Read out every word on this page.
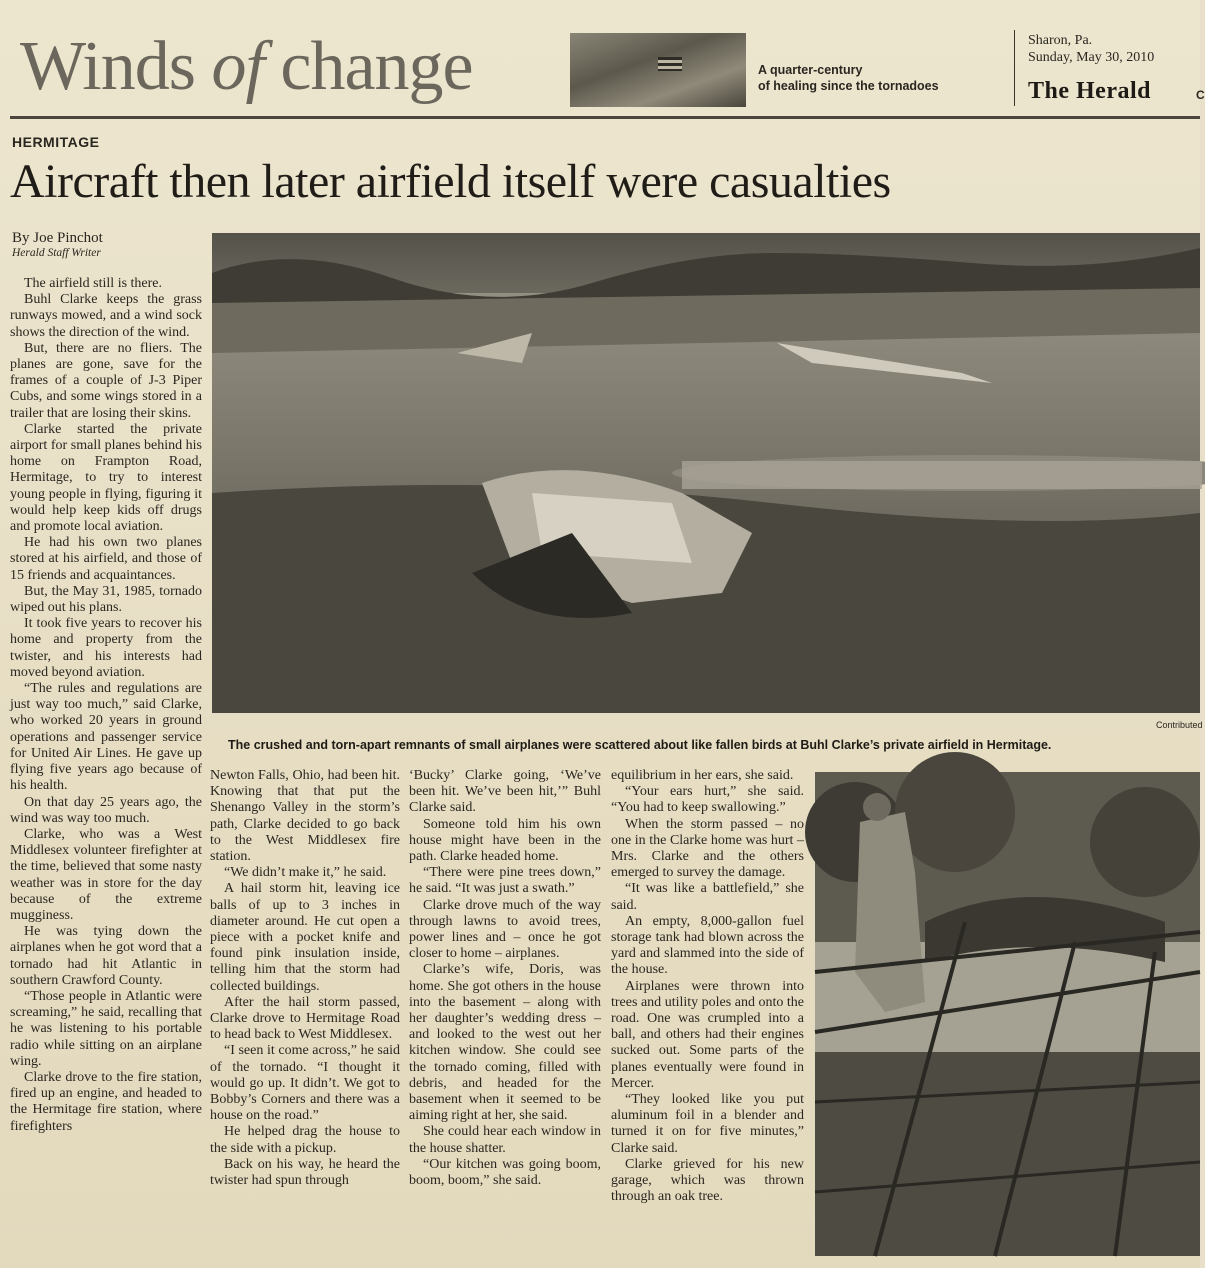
Winds of change	A quarter-century
of healing since the tornadoes
Sharon, Pa.
Sunday, May 30, 2010
The Herald	C
HERMITAGE
Aircraft then later airfield itself were casualties
By Joe Pinchot
Herald Staff Writer
Contributed
The crushed and torn-apart remnants of small airplanes were scattered about like fallen birds at Buhl Clarke’s private airfield in Hermitage.

The airfield still is there.

Buhl Clarke keeps the grass runways mowed, and a wind sock shows the direction of the wind.

But, there are no fliers. The planes are gone, save for the frames of a couple of J-3 Piper Cubs, and some wings stored in a trailer that are losing their skins.

Clarke started the private airport for small planes behind his home on Frampton Road, Hermitage, to try to interest young people in flying, figuring it would help keep kids off drugs and promote local aviation.

He had his own two planes stored at his airfield, and those of 15 friends and acquaintances.

But, the May 31, 1985, tornado wiped out his plans.

It took five years to recover his home and property from the twister, and his interests had moved beyond aviation.

“The rules and regulations are just way too much,” said Clarke, who worked 20 years in ground operations and passenger service for United Air Lines. He gave up flying five years ago because of his health.

On that day 25 years ago, the wind was way too much.

Clarke, who was a West Middlesex volunteer firefighter at the time, believed that some nasty weather was in store for the day because of the extreme mugginess.

He was tying down the airplanes when he got word that a tornado had hit Atlantic in southern Crawford County.

“Those people in Atlantic were screaming,” he said, recalling that he was listening to his portable radio while sitting on an airplane wing.

Clarke drove to the fire station, fired up an engine, and headed to the Hermitage fire station, where firefighters

Newton Falls, Ohio, had been hit. Knowing that that put the Shenango Valley in the storm’s path, Clarke decided to go back to the West Middlesex fire station.

“We didn’t make it,” he said.

A hail storm hit, leaving ice balls of up to 3 inches in diameter around. He cut open a piece with a pocket knife and found pink insulation inside, telling him that the storm had collected buildings.

After the hail storm passed, Clarke drove to Hermitage Road to head back to West Middlesex.

“I seen it come across,” he said of the tornado. “I thought it would go up. It didn’t. We got to Bobby’s Corners and there was a house on the road.”

He helped drag the house to the side with a pickup.

Back on his way, he heard the twister had spun through

‘Bucky’ Clarke going, ‘We’ve been hit. We’ve been hit,’” Buhl Clarke said.

Someone told him his own house might have been in the path. Clarke headed home.

“There were pine trees down,” he said. “It was just a swath.”

Clarke drove much of the way through lawns to avoid trees, power lines and – once he got closer to home – airplanes.

Clarke’s wife, Doris, was home. She got others in the house into the basement – along with her daughter’s wedding dress – and looked to the west out her kitchen window. She could see the tornado coming, filled with debris, and headed for the basement when it seemed to be aiming right at her, she said.

She could hear each window in the house shatter.

“Our kitchen was going boom, boom, boom,” she said.

equilibrium in her ears, she said.

“Your ears hurt,” she said. “You had to keep swallowing.”

When the storm passed – no one in the Clarke home was hurt – Mrs. Clarke and the others emerged to survey the damage.

“It was like a battlefield,” she said.

An empty, 8,000-gallon fuel storage tank had blown across the yard and slammed into the side of the house.

Airplanes were thrown into trees and utility poles and onto the road. One was crumpled into a ball, and others had their engines sucked out. Some parts of the planes eventually were found in Mercer.

“They looked like you put aluminum foil in a blender and turned it on for five minutes,” Clarke said.

Clarke grieved for his new garage, which was thrown through an oak tree.
